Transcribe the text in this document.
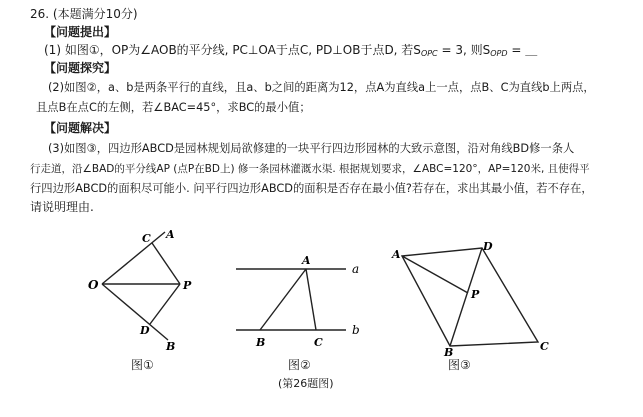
26. (本题满分10分)
【问题提出】
(1) 如图①，OP为∠AOB的平分线, PC⊥OA于点C, PD⊥OB于点D, 若$S_{OPC} = 3$, 则$S_{OPD}$ = ＿
【问题探究】
(2)如图②，a、b是两条平行的直线，且a、b之间的距离为12，点A为直线a上一点，点B、C为直线b上两点，
且点B在点C的左侧，若∠BAC=45°，求BC的最小值；
【问题解决】
(3)如图③，四边形ABCD是园林规划局欲修建的一块平行四边形园林的大致示意图，沿对角线BD修一条人
行走道，沿∠BAD的平分线AP (点P在BD上) 修一条园林灌溉水渠. 根据规划要求，∠ABC=120°，AP=120米, 且使得平
行四边形ABCD的面积尽可能小. 问平行四边形ABCD的面积是否存在最小值?若存在，求出其最小值，若不存在，
请说明理由.
O
A
C
P
D
B
图①
A
a
b
B	C
图②
A
D
P
B	C
图③
(第26题图)
